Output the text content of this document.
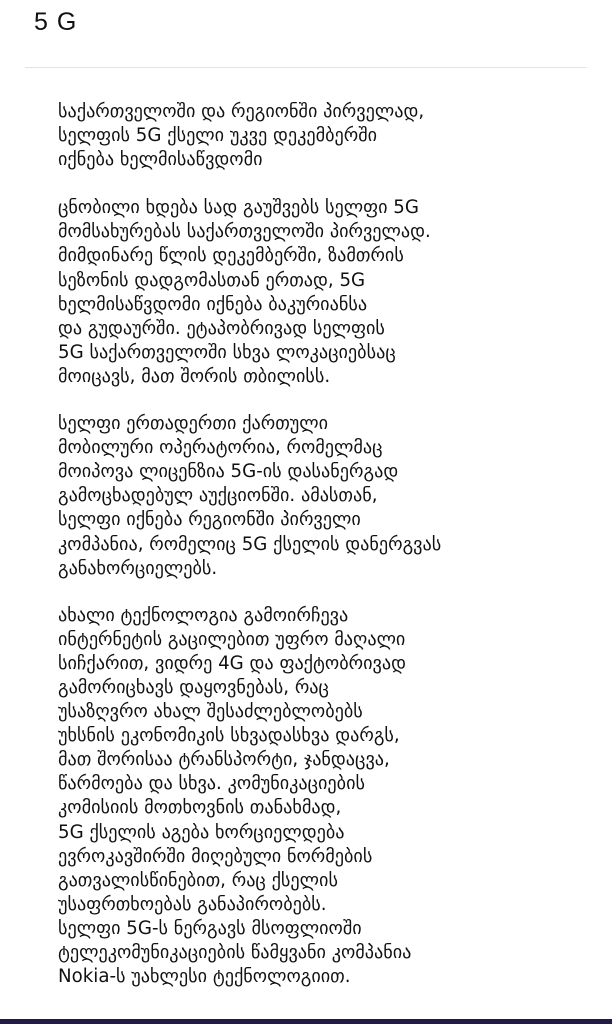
5 G

საქართველოში და რეგიონში პირველად,
სელფის 5G ქსელი უკვე დეკემბერში
იქნება ხელმისაწვდომი

ცნობილი ხდება სად გაუშვებს სელფი 5G
მომსახურებას საქართველოში პირველად.
მიმდინარე წლის დეკემბერში, ზამთრის
სეზონის დადგომასთან ერთად, 5G
ხელმისაწვდომი იქნება ბაკურიანსა
და გუდაურში. ეტაპობრივად სელფის
5G საქართველოში სხვა ლოკაციებსაც
მოიცავს, მათ შორის თბილისს.

სელფი ერთადერთი ქართული
მობილური ოპერატორია, რომელმაც
მოიპოვა ლიცენზია 5G-ის დასანერგად
გამოცხადებულ აუქციონში. ამასთან,
სელფი იქნება რეგიონში პირველი
კომპანია, რომელიც 5G ქსელის დანერგვას
განახორციელებს.

ახალი ტექნოლოგია გამოირჩევა
ინტერნეტის გაცილებით უფრო მაღალი
სიჩქარით, ვიდრე 4G და ფაქტობრივად
გამორიცხავს დაყოვნებას, რაც
უსაზღვრო ახალ შესაძლებლობებს
უხსნის ეკონომიკის სხვადასხვა დარგს,
მათ შორისაა ტრანსპორტი, ჯანდაცვა,
წარმოება და სხვა. კომუნიკაციების
კომისიის მოთხოვნის თანახმად,
5G ქსელის აგება ხორციელდება
ევროკავშირში მიღებული ნორმების
გათვალისწინებით, რაც ქსელის
უსაფრთხოებას განაპირობებს.
სელფი 5G-ს ნერგავს მსოფლიოში
ტელეკომუნიკაციების წამყვანი კომპანია
Nokia-ს უახლესი ტექნოლოგიით.
